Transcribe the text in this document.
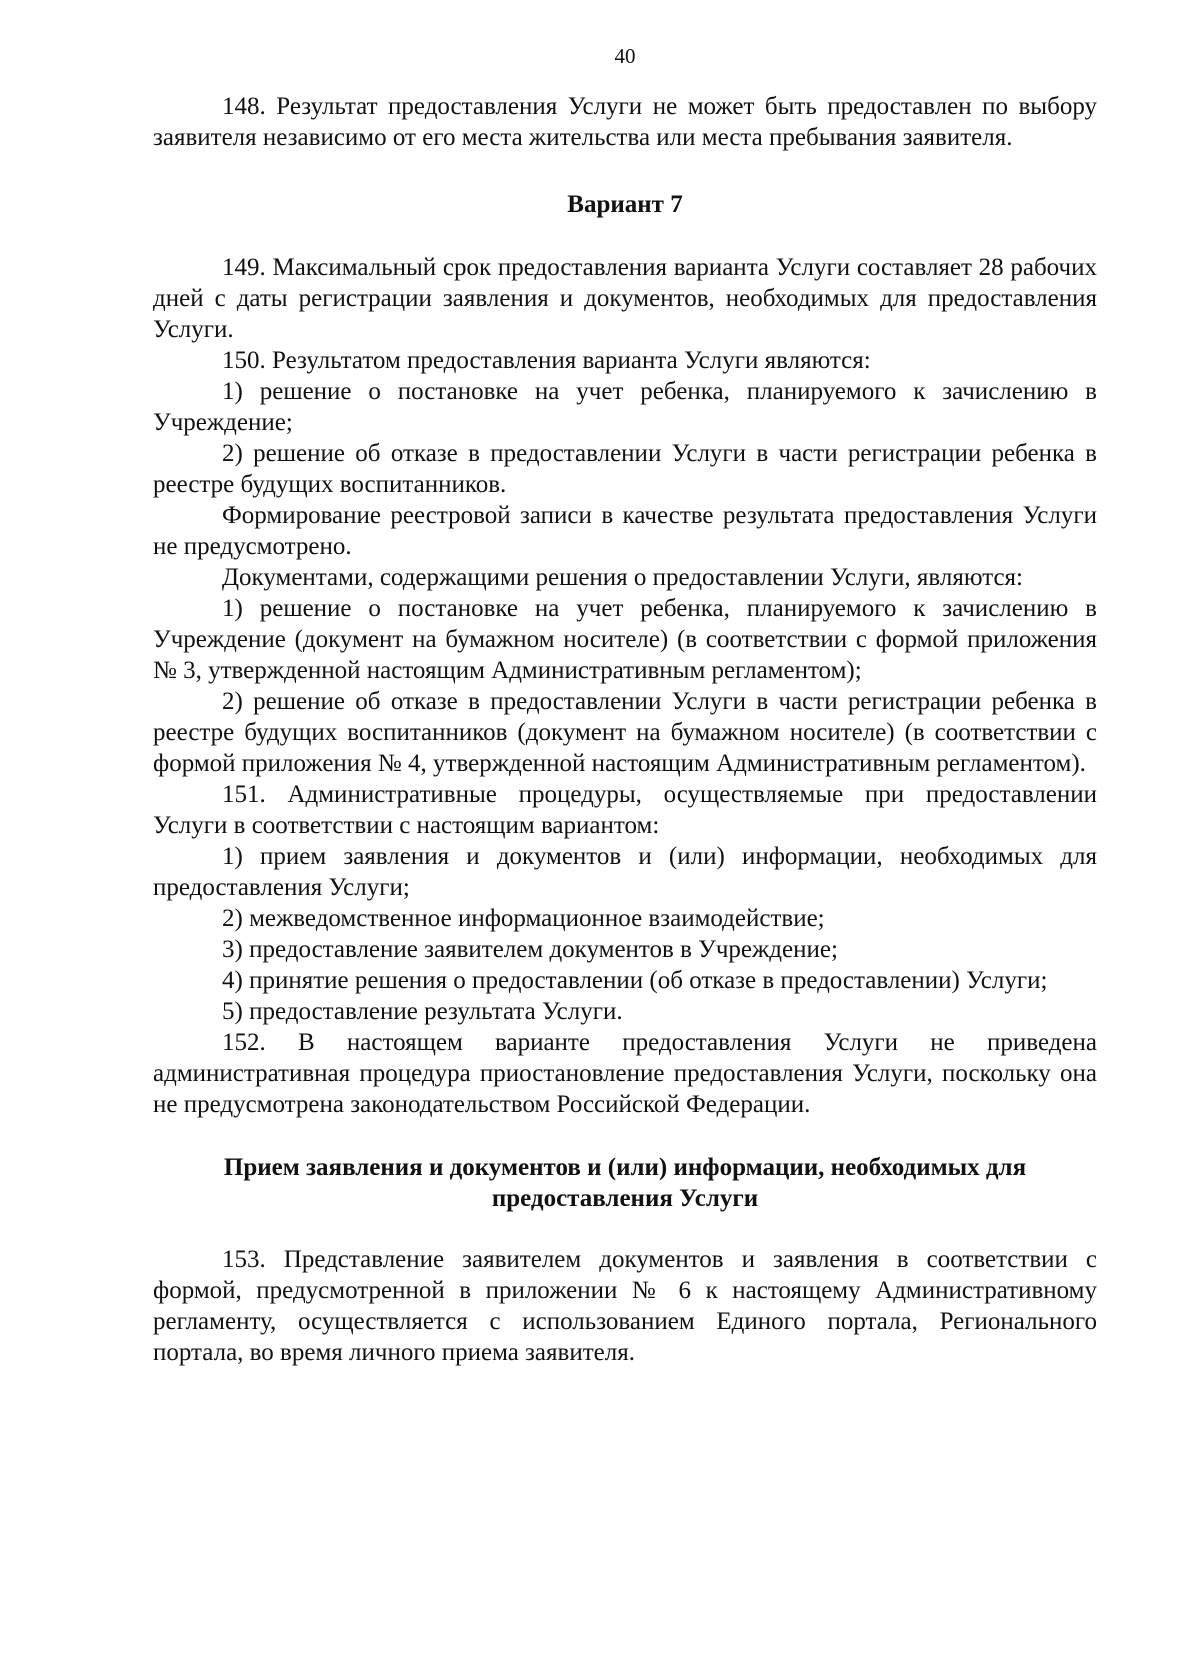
40

148. Результат предоставления Услуги не может быть предоставлен по выбору заявителя независимо от его места жительства или места пребывания заявителя.

Вариант 7

149. Максимальный срок предоставления варианта Услуги составляет 28 рабочих дней с даты регистрации заявления и документов, необходимых для предоставления Услуги.

150. Результатом предоставления варианта Услуги являются:

1) решение о постановке на учет ребенка, планируемого к зачислению в Учреждение;

2) решение об отказе в предоставлении Услуги в части регистрации ребенка в реестре будущих воспитанников.

Формирование реестровой записи в качестве результата предоставления Услуги не предусмотрено.

Документами, содержащими решения о предоставлении Услуги, являются:

1) решение о постановке на учет ребенка, планируемого к зачислению в Учреждение (документ на бумажном носителе) (в соответствии с формой приложения № 3, утвержденной настоящим Административным регламентом);

2) решение об отказе в предоставлении Услуги в части регистрации ребенка в реестре будущих воспитанников (документ на бумажном носителе) (в соответствии с формой приложения № 4, утвержденной настоящим Административным регламентом).

151. Административные процедуры, осуществляемые при предоставлении Услуги в соответствии с настоящим вариантом:

1) прием заявления и документов и (или) информации, необходимых для предоставления Услуги;

2) межведомственное информационное взаимодействие;

3) предоставление заявителем документов в Учреждение;

4) принятие решения о предоставлении (об отказе в предоставлении) Услуги;

5) предоставление результата Услуги.

152. В настоящем варианте предоставления Услуги не приведена административная процедура приостановление предоставления Услуги, поскольку она не предусмотрена законодательством Российской Федерации.

Прием заявления и документов и (или) информации, необходимых для предоставления Услуги

153. Представление заявителем документов и заявления в соответствии с формой, предусмотренной в приложении № 6 к настоящему Административному регламенту, осуществляется с использованием Единого портала, Регионального портала, во время личного приема заявителя.
